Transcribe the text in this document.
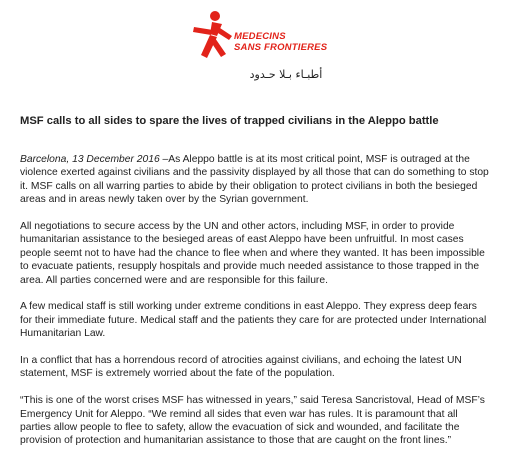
MEDECINS
SANS FRONTIERES
أطبـاء بـلا حـدود
MSF calls to all sides to spare the lives of trapped civilians in the Aleppo battle

Barcelona, 13 December 2016 –As Aleppo battle is at its most critical point, MSF is outraged at the violence exerted against civilians and the passivity displayed by all those that can do something to stop it. MSF calls on all warring parties to abide by their obligation to protect civilians in both the besieged areas and in areas newly taken over by the Syrian government.

All negotiations to secure access by the UN and other actors, including MSF, in order to provide humanitarian assistance to the besieged areas of east Aleppo have been unfruitful. In most cases people seemt not to have had the chance to flee when and where they wanted. It has been impossible to evacuate patients, resupply hospitals and provide much needed assistance to those trapped in the area. All parties concerned were and are responsible for this failure.

A few medical staff is still working under extreme conditions in east Aleppo. They express deep fears for their immediate future. Medical staff and the patients they care for are protected under International Humanitarian Law.

In a conflict that has a horrendous record of atrocities against civilians, and echoing the latest UN statement, MSF is extremely worried about the fate of the population.

“This is one of the worst crises MSF has witnessed in years,” said Teresa Sancristoval, Head of MSF’s Emergency Unit for Aleppo. “We remind all sides that even war has rules. It is paramount that all parties allow people to flee to safety, allow the evacuation of sick and wounded, and facilitate the provision of protection and humanitarian assistance to those that are caught on the front lines.”
